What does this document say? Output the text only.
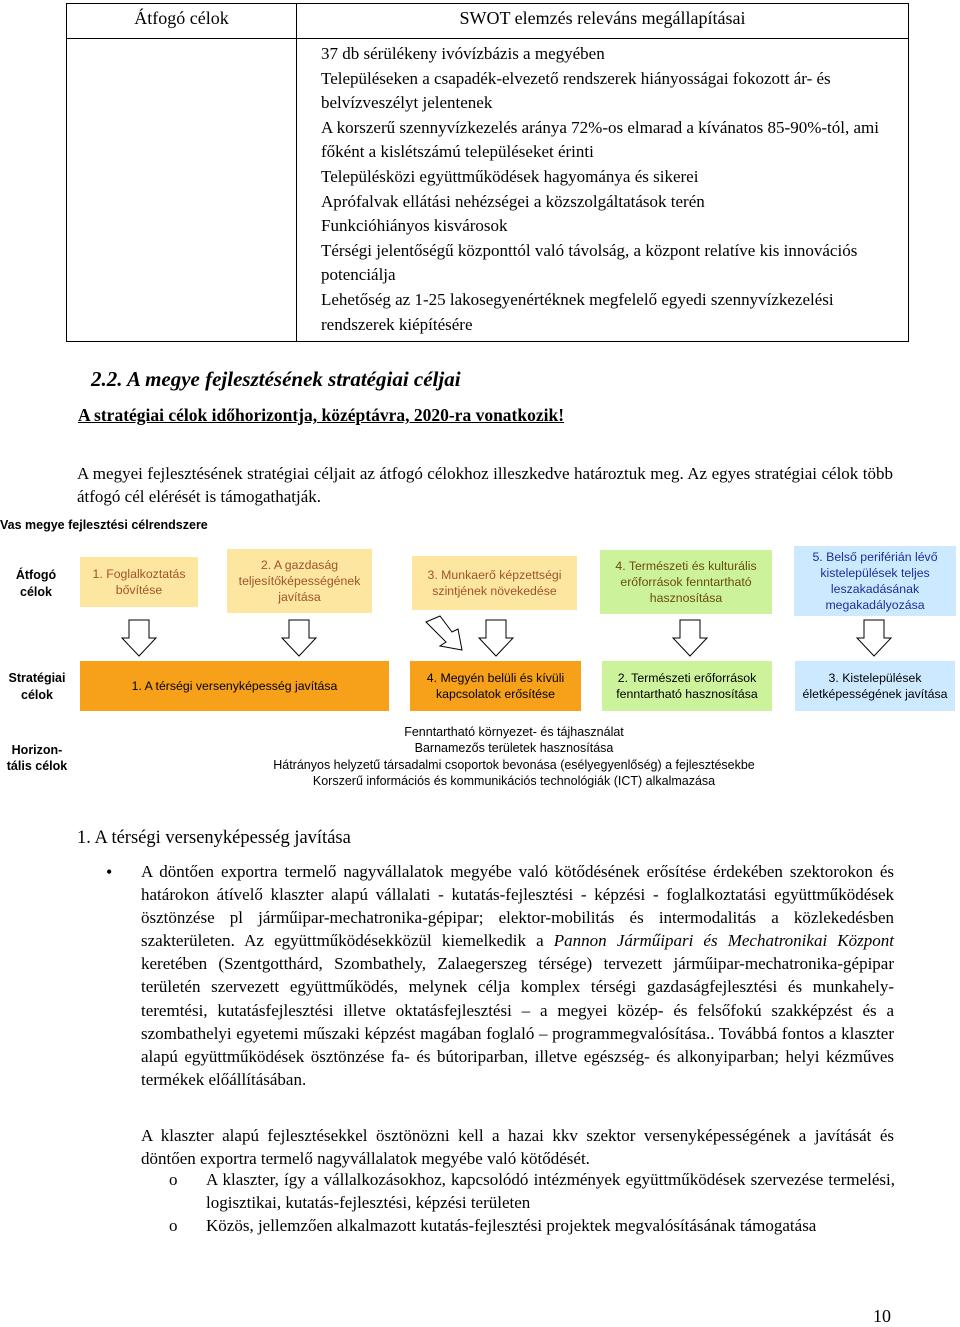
Átfogó célok	SWOT elemzés releváns megállapításai
37 db sérülékeny ivóvízbázis a megyében
Településeken a csapadék-elvezető rendszerek hiányosságai fokozott ár- és belvízveszélyt jelentenek
A korszerű szennyvízkezelés aránya 72%-os elmarad a kívánatos 85-90%-tól, ami főként a kislétszámú településeket érinti
Településközi együttműködések hagyománya és sikerei
Aprófalvak ellátási nehézségei a közszolgáltatások terén
Funkcióhiányos kisvárosok
Térségi jelentőségű központtól való távolság, a központ relatíve kis innovációs potenciálja
Lehetőség az 1-25 lakosegyenértéknek megfelelő egyedi szennyvízkezelési rendszerek kiépítésére
2.2. A megye fejlesztésének stratégiai céljai
A stratégiai célok időhorizontja, középtávra, 2020-ra vonatkozik!
A megyei fejlesztésének stratégiai céljait az átfogó célokhoz illeszkedve határoztuk meg. Az egyes stratégiai célok több átfogó cél elérését is támogathatják.
Vas megye fejlesztési célrendszere
Átfogó célok
Stratégiai célok
Horizon-tális célok
1. Foglalkoztatás bővítése
2. A gazdaság teljesítőképességének javítása
3. Munkaerő képzettségi szintjének növekedése
4. Természeti és kulturális erőforrások fenntartható hasznosítása
5. Belső periférián lévő kistelepülések teljes leszakadásának megakadályozása
1. A térségi versenyképesség javítása
4. Megyén belüli és kívüli kapcsolatok erősítése
2. Természeti erőforrások fenntartható hasznosítása
3. Kistelepülések életképességének javítása
Fenntartható környezet- és tájhasználat
Barnamezős területek hasznosítása
Hátrányos helyzetű társadalmi csoportok bevonása (esélyegyenlőség) a fejlesztésekbe
Korszerű információs és kommunikációs technológiák (ICT) alkalmazása
1. A térségi versenyképesség javítása
• A döntően exportra termelő nagyvállalatok megyébe való kötődésének erősítése érdekében szektorokon és határokon átívelő klaszter alapú vállalati - kutatás-fejlesztési - képzési - foglalkoztatási együttműködések ösztönzése pl járműipar-mechatronika-gépipar; elektor-mobilitás és intermodalitás a közlekedésben szakterületen. Az együttműködésekközül kiemelkedik a Pannon Járműipari és Mechatronikai Központ keretében (Szentgotthárd, Szombathely, Zalaegerszeg térsége) tervezett járműipar-mechatronika-gépipar területén szervezett együttműködés, melynek célja komplex térségi gazdaságfejlesztési és munkahely-teremtési, kutatásfejlesztési illetve oktatásfejlesztési – a megyei közép- és felsőfokú szakképzést és a szombathelyi egyetemi műszaki képzést magában foglaló – programmegvalósítása.. Továbbá fontos a klaszter alapú együttműködések ösztönzése fa- és bútoriparban, illetve egészség- és alkonyiparban; helyi kézműves termékek előállításában.
A klaszter alapú fejlesztésekkel ösztönözni kell a hazai kkv szektor versenyképességének a javítását és döntően exportra termelő nagyvállalatok megyébe való kötődését.
o A klaszter, így a vállalkozásokhoz, kapcsolódó intézmények együttműködések szervezése termelési, logisztikai, kutatás-fejlesztési, képzési területen
o Közös, jellemzően alkalmazott kutatás-fejlesztési projektek megvalósításának támogatása
10
